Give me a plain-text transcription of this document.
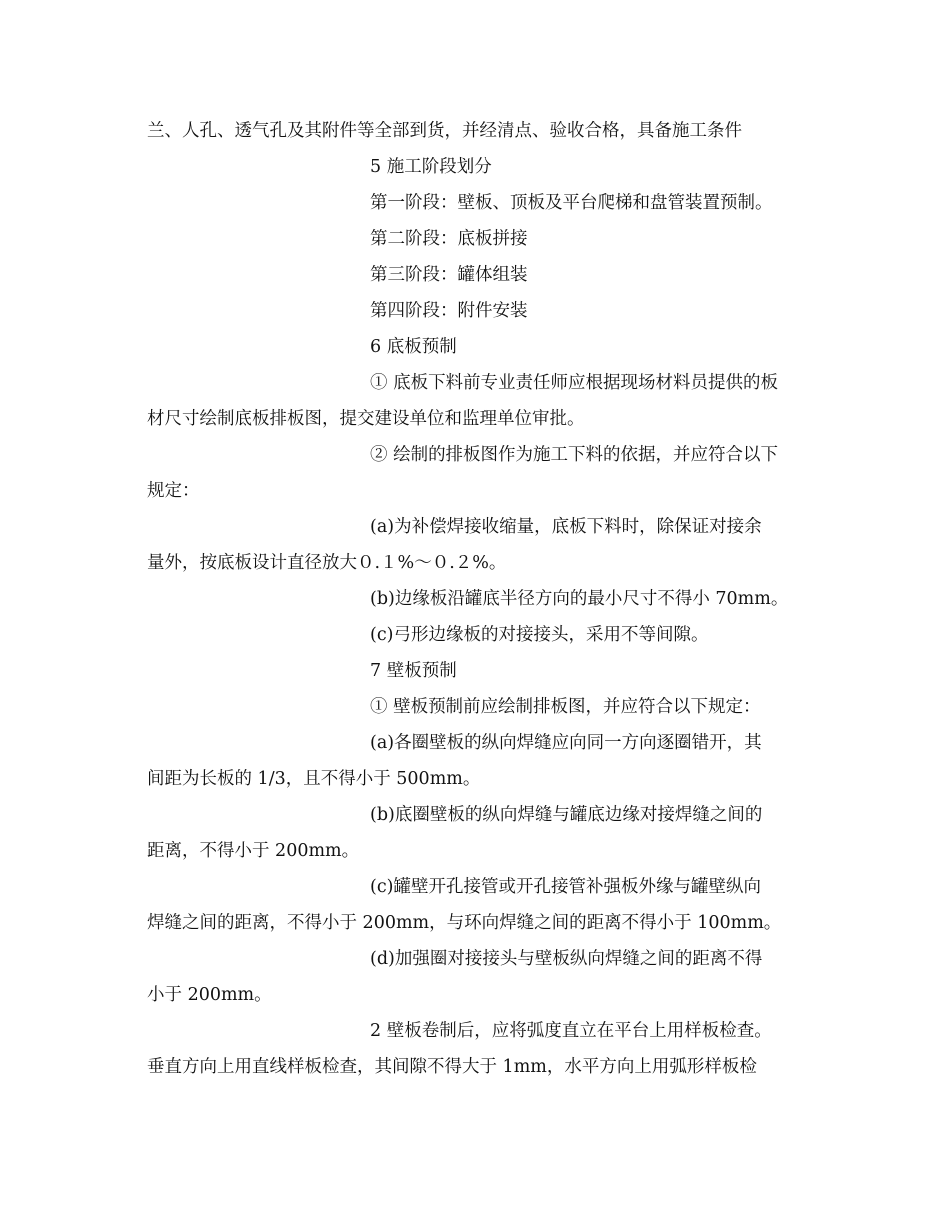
兰、人孔、透气孔及其附件等全部到货，并经清点、验收合格，具备施工条件
5 施工阶段划分
第一阶段：壁板、顶板及平台爬梯和盘管装置预制。
第二阶段：底板拼接
第三阶段：罐体组装
第四阶段：附件安装
6 底板预制
① 底板下料前专业责任师应根据现场材料员提供的板
材尺寸绘制底板排板图，提交建设单位和监理单位审批。
② 绘制的排板图作为施工下料的依据，并应符合以下
规定：
(a)为补偿焊接收缩量，底板下料时，除保证对接余
量外，按底板设计直径放大０.１%～０.２%。
(b)边缘板沿罐底半径方向的最小尺寸不得小 70mm。
(c)弓形边缘板的对接接头，采用不等间隙。
7 壁板预制
① 壁板预制前应绘制排板图，并应符合以下规定：
(a)各圈壁板的纵向焊缝应向同一方向逐圈错开，其
间距为长板的 1/3，且不得小于 500mm。
(b)底圈壁板的纵向焊缝与罐底边缘对接焊缝之间的
距离，不得小于 200mm。
(c)罐壁开孔接管或开孔接管补强板外缘与罐壁纵向
焊缝之间的距离，不得小于 200mm，与环向焊缝之间的距离不得小于 100mm。
(d)加强圈对接接头与壁板纵向焊缝之间的距离不得
小于 200mm。
2 壁板卷制后，应将弧度直立在平台上用样板检查。
垂直方向上用直线样板检查，其间隙不得大于 1mm，水平方向上用弧形样板检
